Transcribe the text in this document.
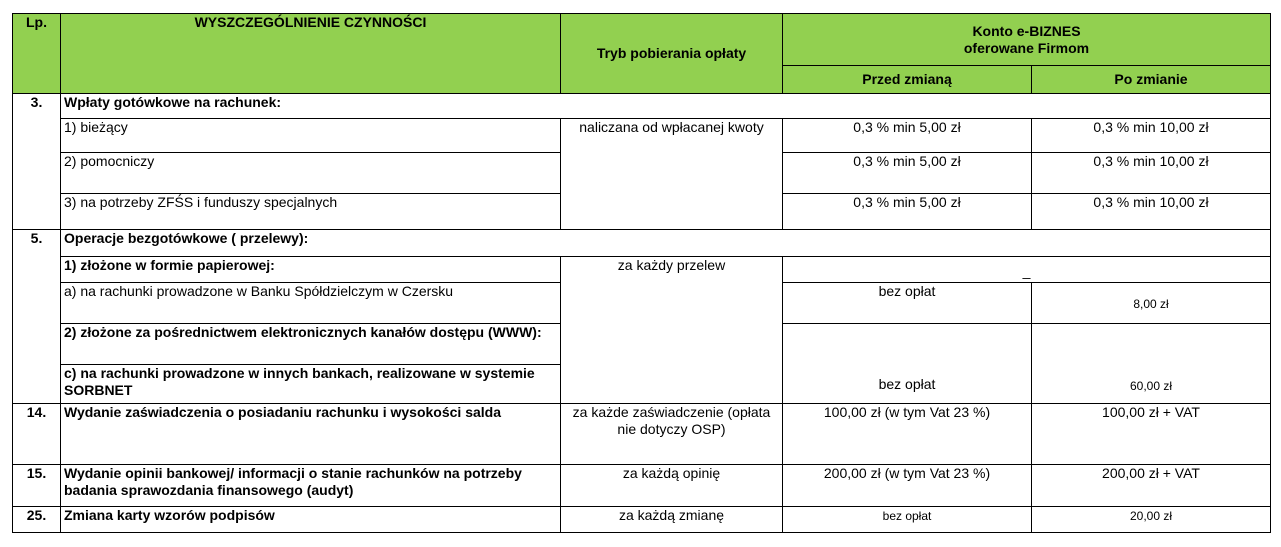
Lp.	WYSZCZEGÓLNIENIE CZYNNOŚCI	Tryb pobierania opłaty	Konto e-BIZNES
oferowane Firmom	
			Przed zmianą	Po zmianie
3.	Wpłaty gotówkowe na rachunek:			
	1) bieżący	naliczana od wpłacanej kwoty	0,3 % min 5,00 zł	0,3 % min 10,00 zł
	2) pomocniczy		0,3 % min 5,00 zł	0,3 % min 10,00 zł
	3) na potrzeby ZFŚS i funduszy specjalnych		0,3 % min 5,00 zł	0,3 % min 10,00 zł
5.	Operacje bezgotówkowe ( przelewy):			
	1) złożone w formie papierowej:	za każdy przelew	_	

	a) na rachunki prowadzone w Banku Spółdzielczym w Czersku		bez opłat	8,00 zł

	2) złożone za pośrednictwem elektronicznych kanałów dostępu (WWW):			
	c) na rachunki prowadzone w innych bankach, realizowane w systemie SORBNET		bez opłat	60,00 zł

14.	Wydanie zaświadczenia o posiadaniu rachunku i wysokości salda	za każde zaświadczenie (opłata nie dotyczy OSP)	100,00 zł (w tym Vat 23 %)	100,00 zł + VAT
15.	Wydanie opinii bankowej/ informacji o stanie rachunków na potrzeby badania sprawozdania finansowego (audyt)	za każdą opinię	200,00 zł (w tym Vat 23 %)	200,00 zł + VAT
25.	Zmiana karty wzorów podpisów	za każdą zmianę	bez opłat	20,00 zł
